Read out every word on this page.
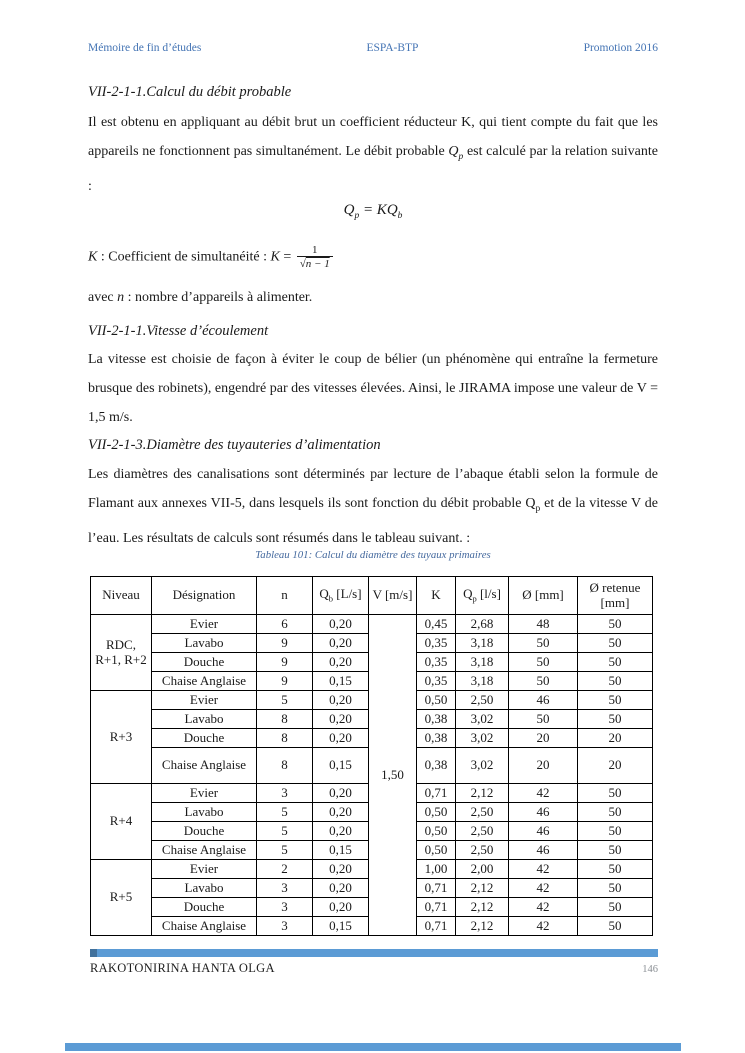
Mémoire de fin d’études	ESPA-BTP	Promotion 2016
VII-2-1-1.Calcul du débit probable

Il est obtenu en appliquant au débit brut un coefficient réducteur K, qui tient compte du fait que les appareils ne fonctionnent pas simultanément. Le débit probable $Q_p$ est calculé par la relation suivante :

$Q_p = KQ_b$
K : Coefficient de simultanéité : $K = \frac{1}{√n - 1}$
avec n : nombre d’appareils à alimenter.
VII-2-1-1.Vitesse d’écoulement

La vitesse est choisie de façon à éviter le coup de bélier (un phénomène qui entraîne la fermeture brusque des robinets), engendré par des vitesses élevées. Ainsi, le JIRAMA impose une valeur de V = 1,5 m/s.

VII-2-1-3.Diamètre des tuyauteries d’alimentation

Les diamètres des canalisations sont déterminés par lecture de l’abaque établi selon la formule de Flamant aux annexes VII-5, dans lesquels ils sont fonction du débit probable $Q_p$ et de la vitesse V de l’eau. Les résultats de calculs sont résumés dans le tableau suivant. :

Tableau 101: Calcul du diamètre des tuyaux primaires
Niveau	Désignation	n	$Q_b$ [L/s]	V [m/s]	K	$Q_p$ [l/s]	Ø [mm]	Ø retenue [mm]
RDC, R+1, R+2	Evier	6	0,20	1,50	0,45	2,68	48	50
	Lavabo	9	0,20		0,35	3,18	50	50
	Douche	9	0,20		0,35	3,18	50	50
	Chaise Anglaise	9	0,15		0,35	3,18	50	50
R+3	Evier	5	0,20		0,50	2,50	46	50
	Lavabo	8	0,20		0,38	3,02	50	50
	Douche	8	0,20		0,38	3,02	20	20
	Chaise Anglaise	8	0,15		0,38	3,02	20	20
R+4	Evier	3	0,20		0,71	2,12	42	50
	Lavabo	5	0,20		0,50	2,50	46	50
	Douche	5	0,20		0,50	2,50	46	50
	Chaise Anglaise	5	0,15		0,50	2,50	46	50
R+5	Evier	2	0,20		1,00	2,00	42	50
	Lavabo	3	0,20		0,71	2,12	42	50
	Douche	3	0,20		0,71	2,12	42	50
	Chaise Anglaise	3	0,15		0,71	2,12	42	50
RAKOTONIRINA HANTA OLGA	146
